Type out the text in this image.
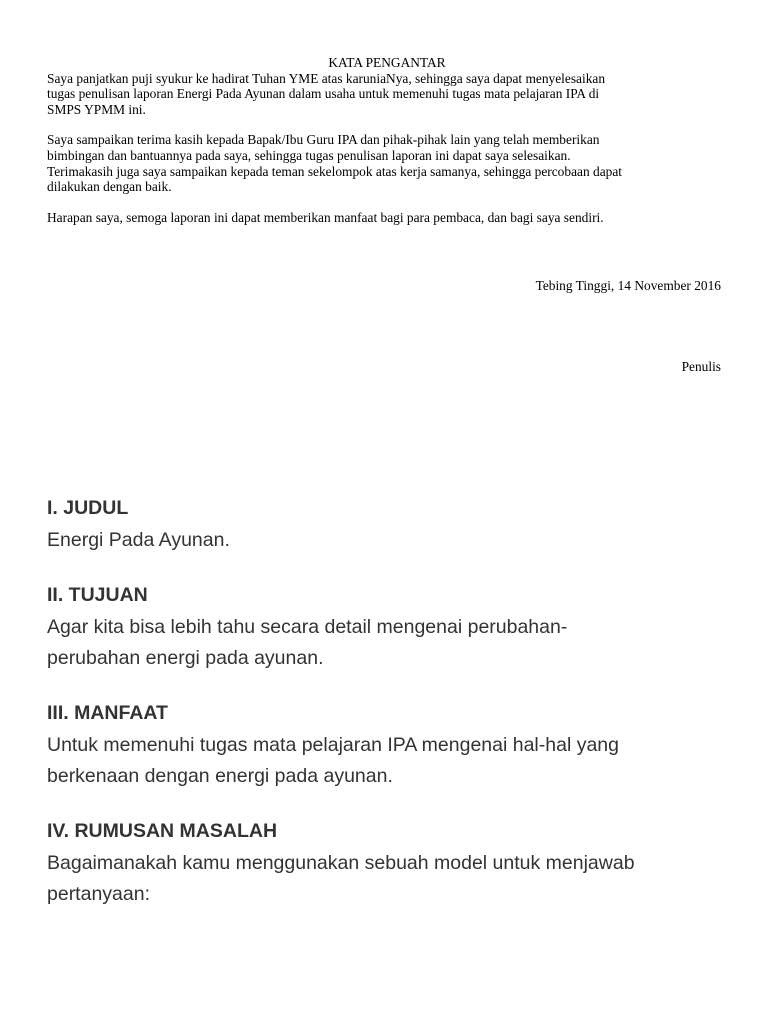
KATA PENGANTAR

Saya panjatkan puji syukur ke hadirat Tuhan YME atas karuniaNya, sehingga saya dapat menyelesaikan

tugas penulisan laporan Energi Pada Ayunan dalam usaha untuk memenuhi tugas mata pelajaran IPA di

SMPS YPMM ini.

Saya sampaikan terima kasih kepada Bapak/Ibu Guru IPA dan pihak-pihak lain yang telah memberikan

bimbingan dan bantuannya pada saya, sehingga tugas penulisan laporan ini dapat saya selesaikan.

Terimakasih juga saya sampaikan kepada teman sekelompok atas kerja samanya, sehingga percobaan dapat

dilakukan dengan baik.

Harapan saya, semoga laporan ini dapat memberikan manfaat bagi para pembaca, dan bagi saya sendiri.

Tebing Tinggi, 14 November 2016
Penulis
I. JUDUL

Energi Pada Ayunan.

II. TUJUAN

Agar kita bisa lebih tahu secara detail mengenai perubahan-

perubahan energi pada ayunan.

III. MANFAAT

Untuk memenuhi tugas mata pelajaran IPA mengenai hal-hal yang

berkenaan dengan energi pada ayunan.

IV. RUMUSAN MASALAH

Bagaimanakah kamu menggunakan sebuah model untuk menjawab

pertanyaan:
